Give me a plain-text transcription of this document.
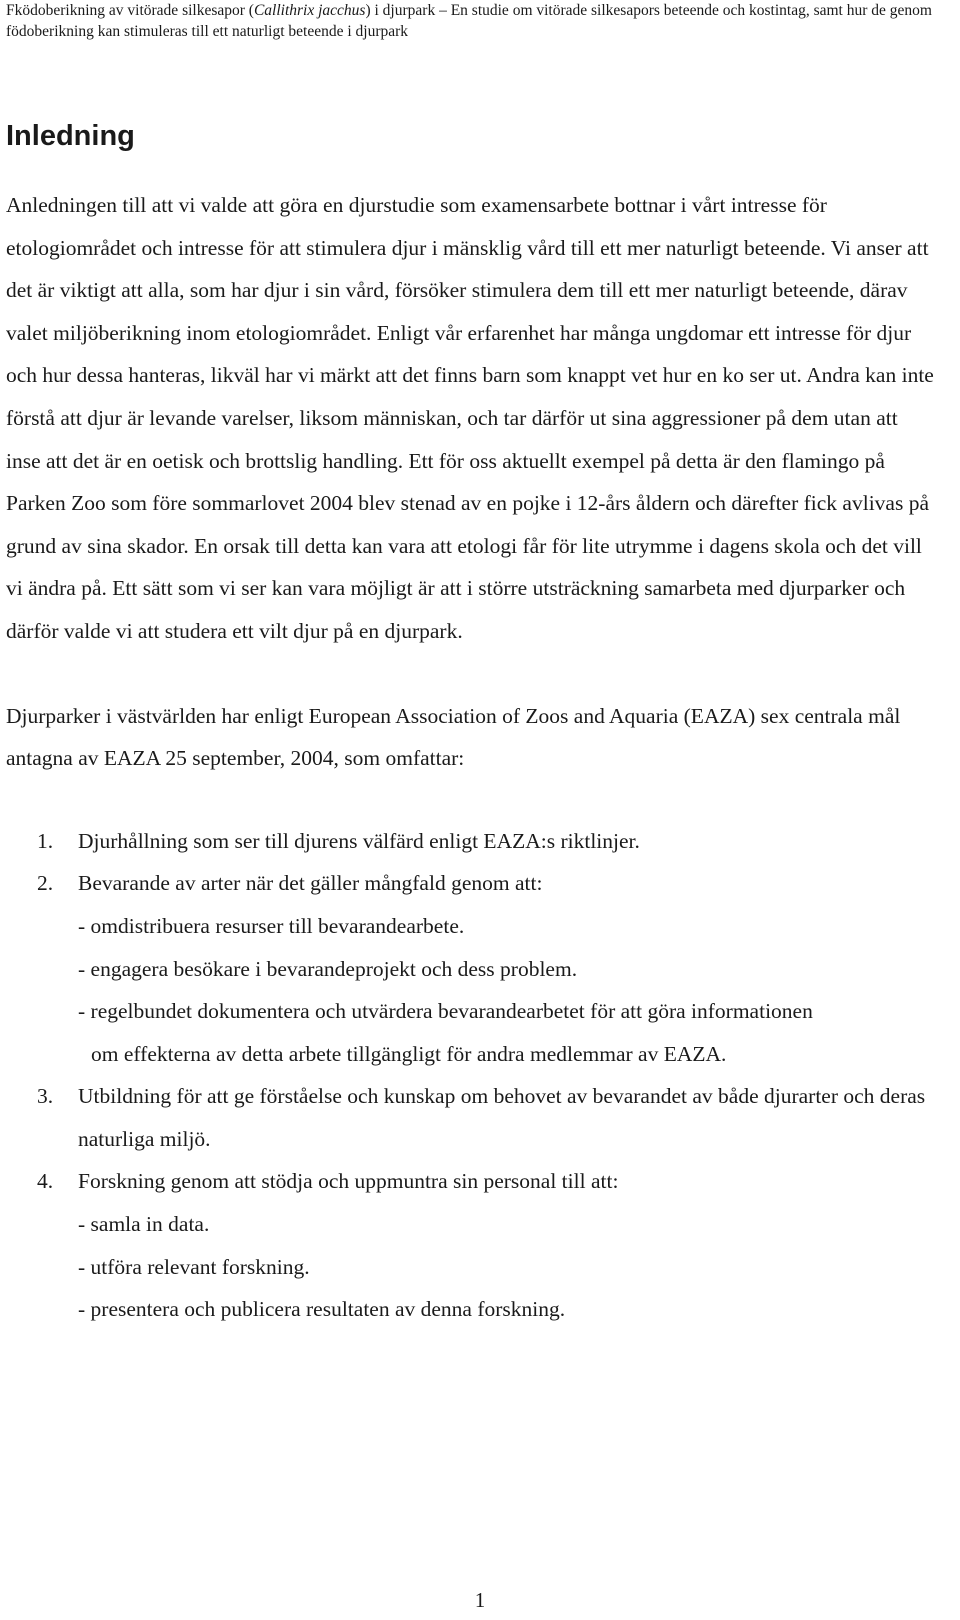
Fködoberikning av vitörade silkesapor (Callithrix jacchus) i djurpark – En studie om vitörade silkesapors beteende och kostintag, samt hur de genom födoberikning kan stimuleras till ett naturligt beteende i djurpark

Inledning

Anledningen till att vi valde att göra en djurstudie som examensarbete bottnar i vårt intresse för etologiområdet och intresse för att stimulera djur i mänsklig vård till ett mer naturligt beteende. Vi anser att det är viktigt att alla, som har djur i sin vård, försöker stimulera dem till ett mer naturligt beteende, därav valet miljöberikning inom etologiområdet. Enligt vår erfarenhet har många ungdomar ett intresse för djur och hur dessa hanteras, likväl har vi märkt att det finns barn som knappt vet hur en ko ser ut. Andra kan inte förstå att djur är levande varelser, liksom människan, och tar därför ut sina aggressioner på dem utan att inse att det är en oetisk och brottslig handling. Ett för oss aktuellt exempel på detta är den flamingo på Parken Zoo som före sommarlovet 2004 blev stenad av en pojke i 12-års åldern och därefter fick avlivas på grund av sina skador. En orsak till detta kan vara att etologi får för lite utrymme i dagens skola och det vill vi ändra på. Ett sätt som vi ser kan vara möjligt är att i större utsträckning samarbeta med djurparker och därför valde vi att studera ett vilt djur på en djurpark.

Djurparker i västvärlden har enligt European Association of Zoos and Aquaria (EAZA) sex centrala mål antagna av EAZA 25 september, 2004, som omfattar:

1. Djurhållning som ser till djurens välfärd enligt EAZA:s riktlinjer.
2. Bevarande av arter när det gäller mångfald genom att:
- omdistribuera resurser till bevarandearbete.
- engagera besökare i bevarandeprojekt och dess problem.
- regelbundet dokumentera och utvärdera bevarandearbetet för att göra informationen
om effekterna av detta arbete tillgängligt för andra medlemmar av EAZA.
3. Utbildning för att ge förståelse och kunskap om behovet av bevarandet av både djurarter och deras naturliga miljö.
4. Forskning genom att stödja och uppmuntra sin personal till att:
- samla in data.
- utföra relevant forskning.
- presentera och publicera resultaten av denna forskning.
1
